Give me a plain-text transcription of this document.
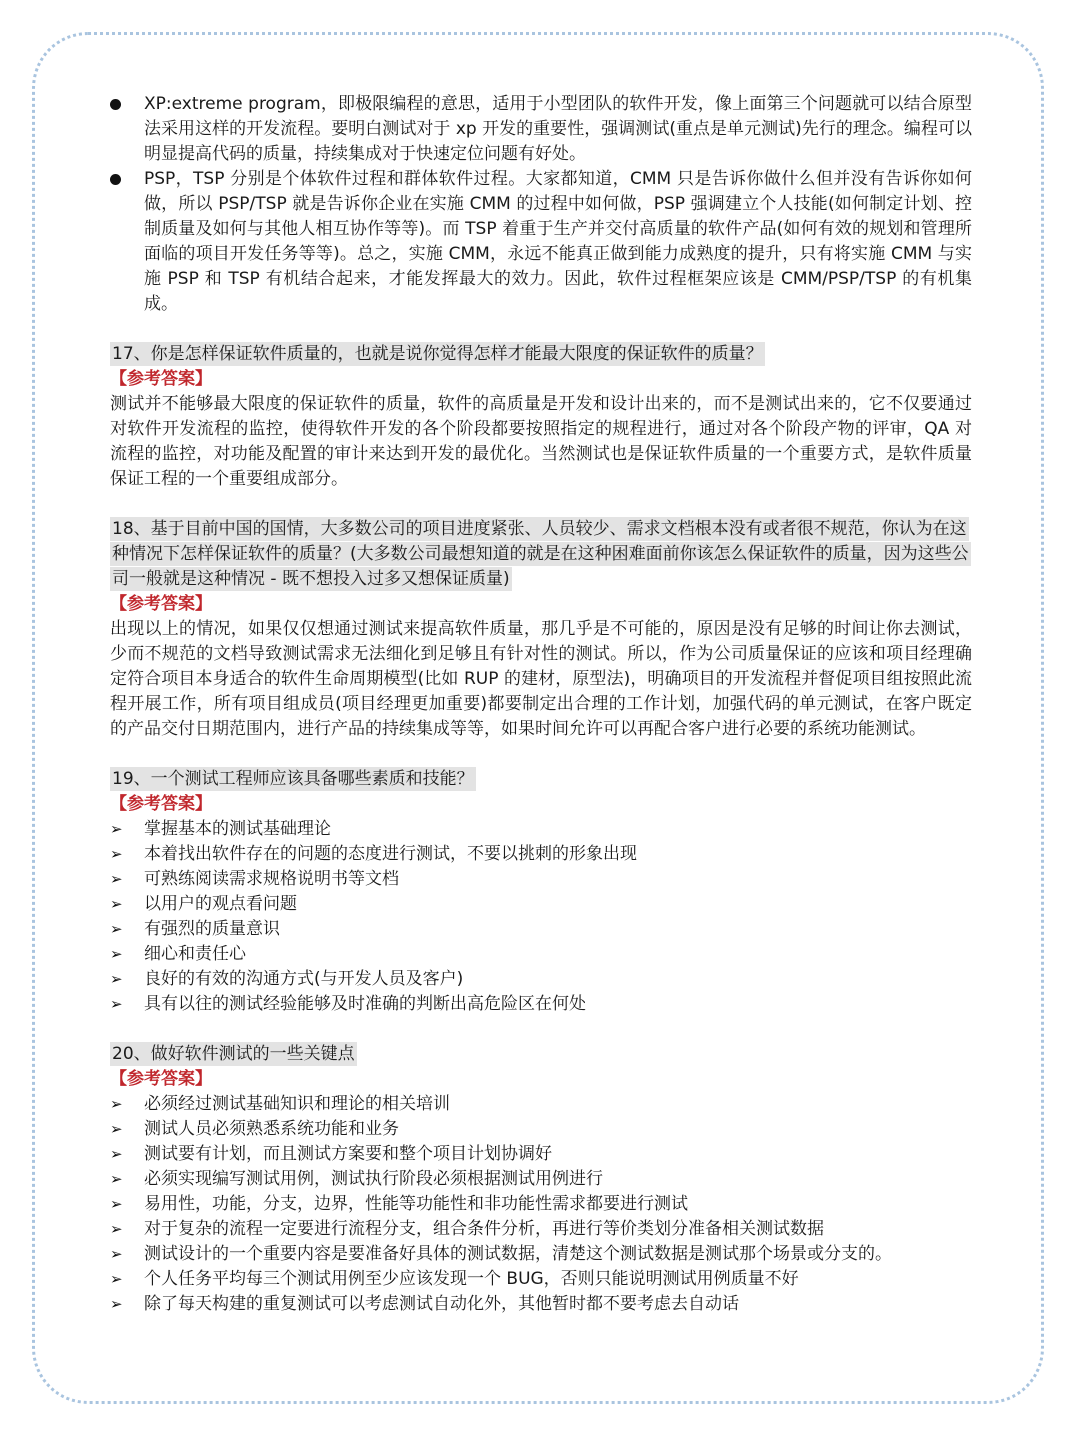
XP:extreme program，即极限编程的意思，适用于小型团队的软件开发，像上面第三个问题就可以结合原型法采用这样的开发流程。要明白测试对于 xp 开发的重要性，强调测试(重点是单元测试)先行的理念。编程可以明显提高代码的质量，持续集成对于快速定位问题有好处。
PSP，TSP 分别是个体软件过程和群体软件过程。大家都知道，CMM 只是告诉你做什么但并没有告诉你如何做，所以 PSP/TSP 就是告诉你企业在实施 CMM 的过程中如何做，PSP 强调建立个人技能(如何制定计划、控制质量及如何与其他人相互协作等等)。而 TSP 着重于生产并交付高质量的软件产品(如何有效的规划和管理所面临的项目开发任务等等)。总之，实施 CMM，永远不能真正做到能力成熟度的提升，只有将实施 CMM 与实施 PSP 和 TSP 有机结合起来，才能发挥最大的效力。因此，软件过程框架应该是 CMM/PSP/TSP 的有机集成。
17、你是怎样保证软件质量的，也就是说你觉得怎样才能最大限度的保证软件的质量？
【参考答案】
测试并不能够最大限度的保证软件的质量，软件的高质量是开发和设计出来的，而不是测试出来的，它不仅要通过对软件开发流程的监控，使得软件开发的各个阶段都要按照指定的规程进行，通过对各个阶段产物的评审，QA 对流程的监控，对功能及配置的审计来达到开发的最优化。当然测试也是保证软件质量的一个重要方式，是软件质量保证工程的一个重要组成部分。
18、基于目前中国的国情，大多数公司的项目进度紧张、人员较少、需求文档根本没有或者很不规范，你认为在这种情况下怎样保证软件的质量？(大多数公司最想知道的就是在这种困难面前你该怎么保证软件的质量，因为这些公司一般就是这种情况 - 既不想投入过多又想保证质量)
【参考答案】
出现以上的情况，如果仅仅想通过测试来提高软件质量，那几乎是不可能的，原因是没有足够的时间让你去测试，少而不规范的文档导致测试需求无法细化到足够且有针对性的测试。所以，作为公司质量保证的应该和项目经理确定符合项目本身适合的软件生命周期模型(比如 RUP 的建材，原型法)，明确项目的开发流程并督促项目组按照此流程开展工作，所有项目组成员(项目经理更加重要)都要制定出合理的工作计划，加强代码的单元测试，在客户既定的产品交付日期范围内，进行产品的持续集成等等，如果时间允许可以再配合客户进行必要的系统功能测试。
19、一个测试工程师应该具备哪些素质和技能？
【参考答案】
➢ 掌握基本的测试基础理论
➢ 本着找出软件存在的问题的态度进行测试，不要以挑刺的形象出现
➢ 可熟练阅读需求规格说明书等文档
➢ 以用户的观点看问题
➢ 有强烈的质量意识
➢ 细心和责任心
➢ 良好的有效的沟通方式(与开发人员及客户)
➢ 具有以往的测试经验能够及时准确的判断出高危险区在何处
20、做好软件测试的一些关键点
【参考答案】
➢ 必须经过测试基础知识和理论的相关培训
➢ 测试人员必须熟悉系统功能和业务
➢ 测试要有计划，而且测试方案要和整个项目计划协调好
➢ 必须实现编写测试用例，测试执行阶段必须根据测试用例进行
➢ 易用性，功能，分支，边界，性能等功能性和非功能性需求都要进行测试
➢ 对于复杂的流程一定要进行流程分支，组合条件分析，再进行等价类划分准备相关测试数据
➢ 测试设计的一个重要内容是要准备好具体的测试数据，清楚这个测试数据是测试那个场景或分支的。
➢ 个人任务平均每三个测试用例至少应该发现一个 BUG，否则只能说明测试用例质量不好
➢ 除了每天构建的重复测试可以考虑测试自动化外，其他暂时都不要考虑去自动话
